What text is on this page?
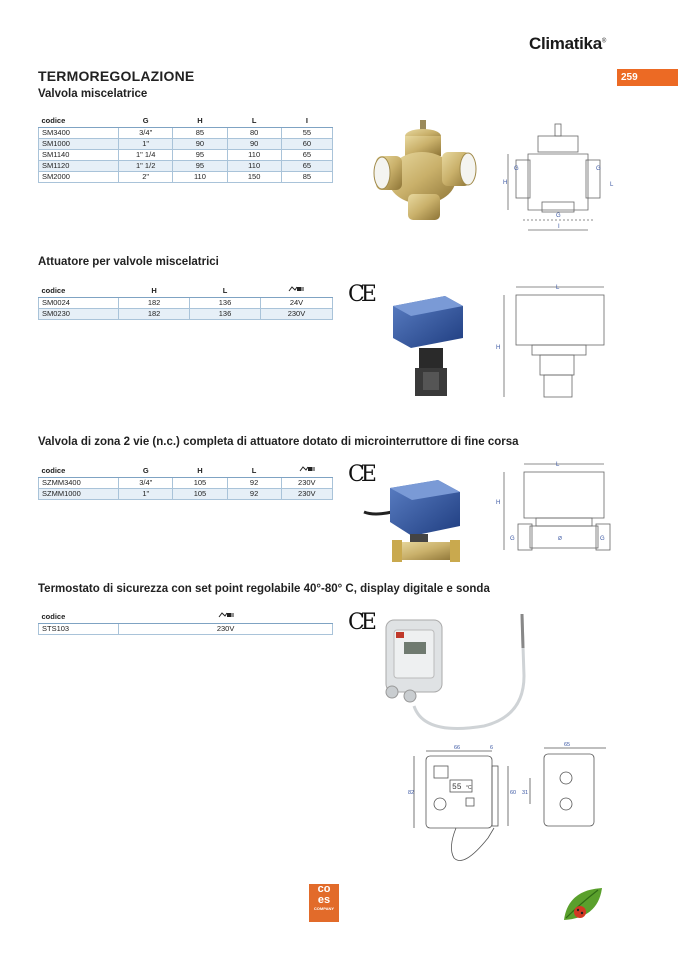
Climatika®
259
TERMOREGOLAZIONE
Valvola miscelatrice
codice	G	H	L	I
SM3400	3/4"	85	80	55
SM1000	1"	90	90	60
SM1140	1" 1/4	95	110	65
SM1120	1" 1/2	95	110	65
SM2000	2"	110	150	85
G	G
G
H
I
L
Attuatore per valvole miscelatrici
codice	H	L	
SM0024	182	136	24V
SM0230	182	136	230V
CE	L
H
Valvola di zona 2 vie (n.c.) completa di attuatore dotato di microinterruttore di fine corsa
codice	G	H	L	
SZMM3400	3/4"	105	92	230V
SZMM1000	1"	105	92	230V
CE	L
H
G	G
Ø
Termostato di sicurezza con set point regolabile 40°-80° C, display digitale e sonda
codice	
STS103	230V	CE
66	6	65
82	60 31
55 °C
co
es
COMPANY
